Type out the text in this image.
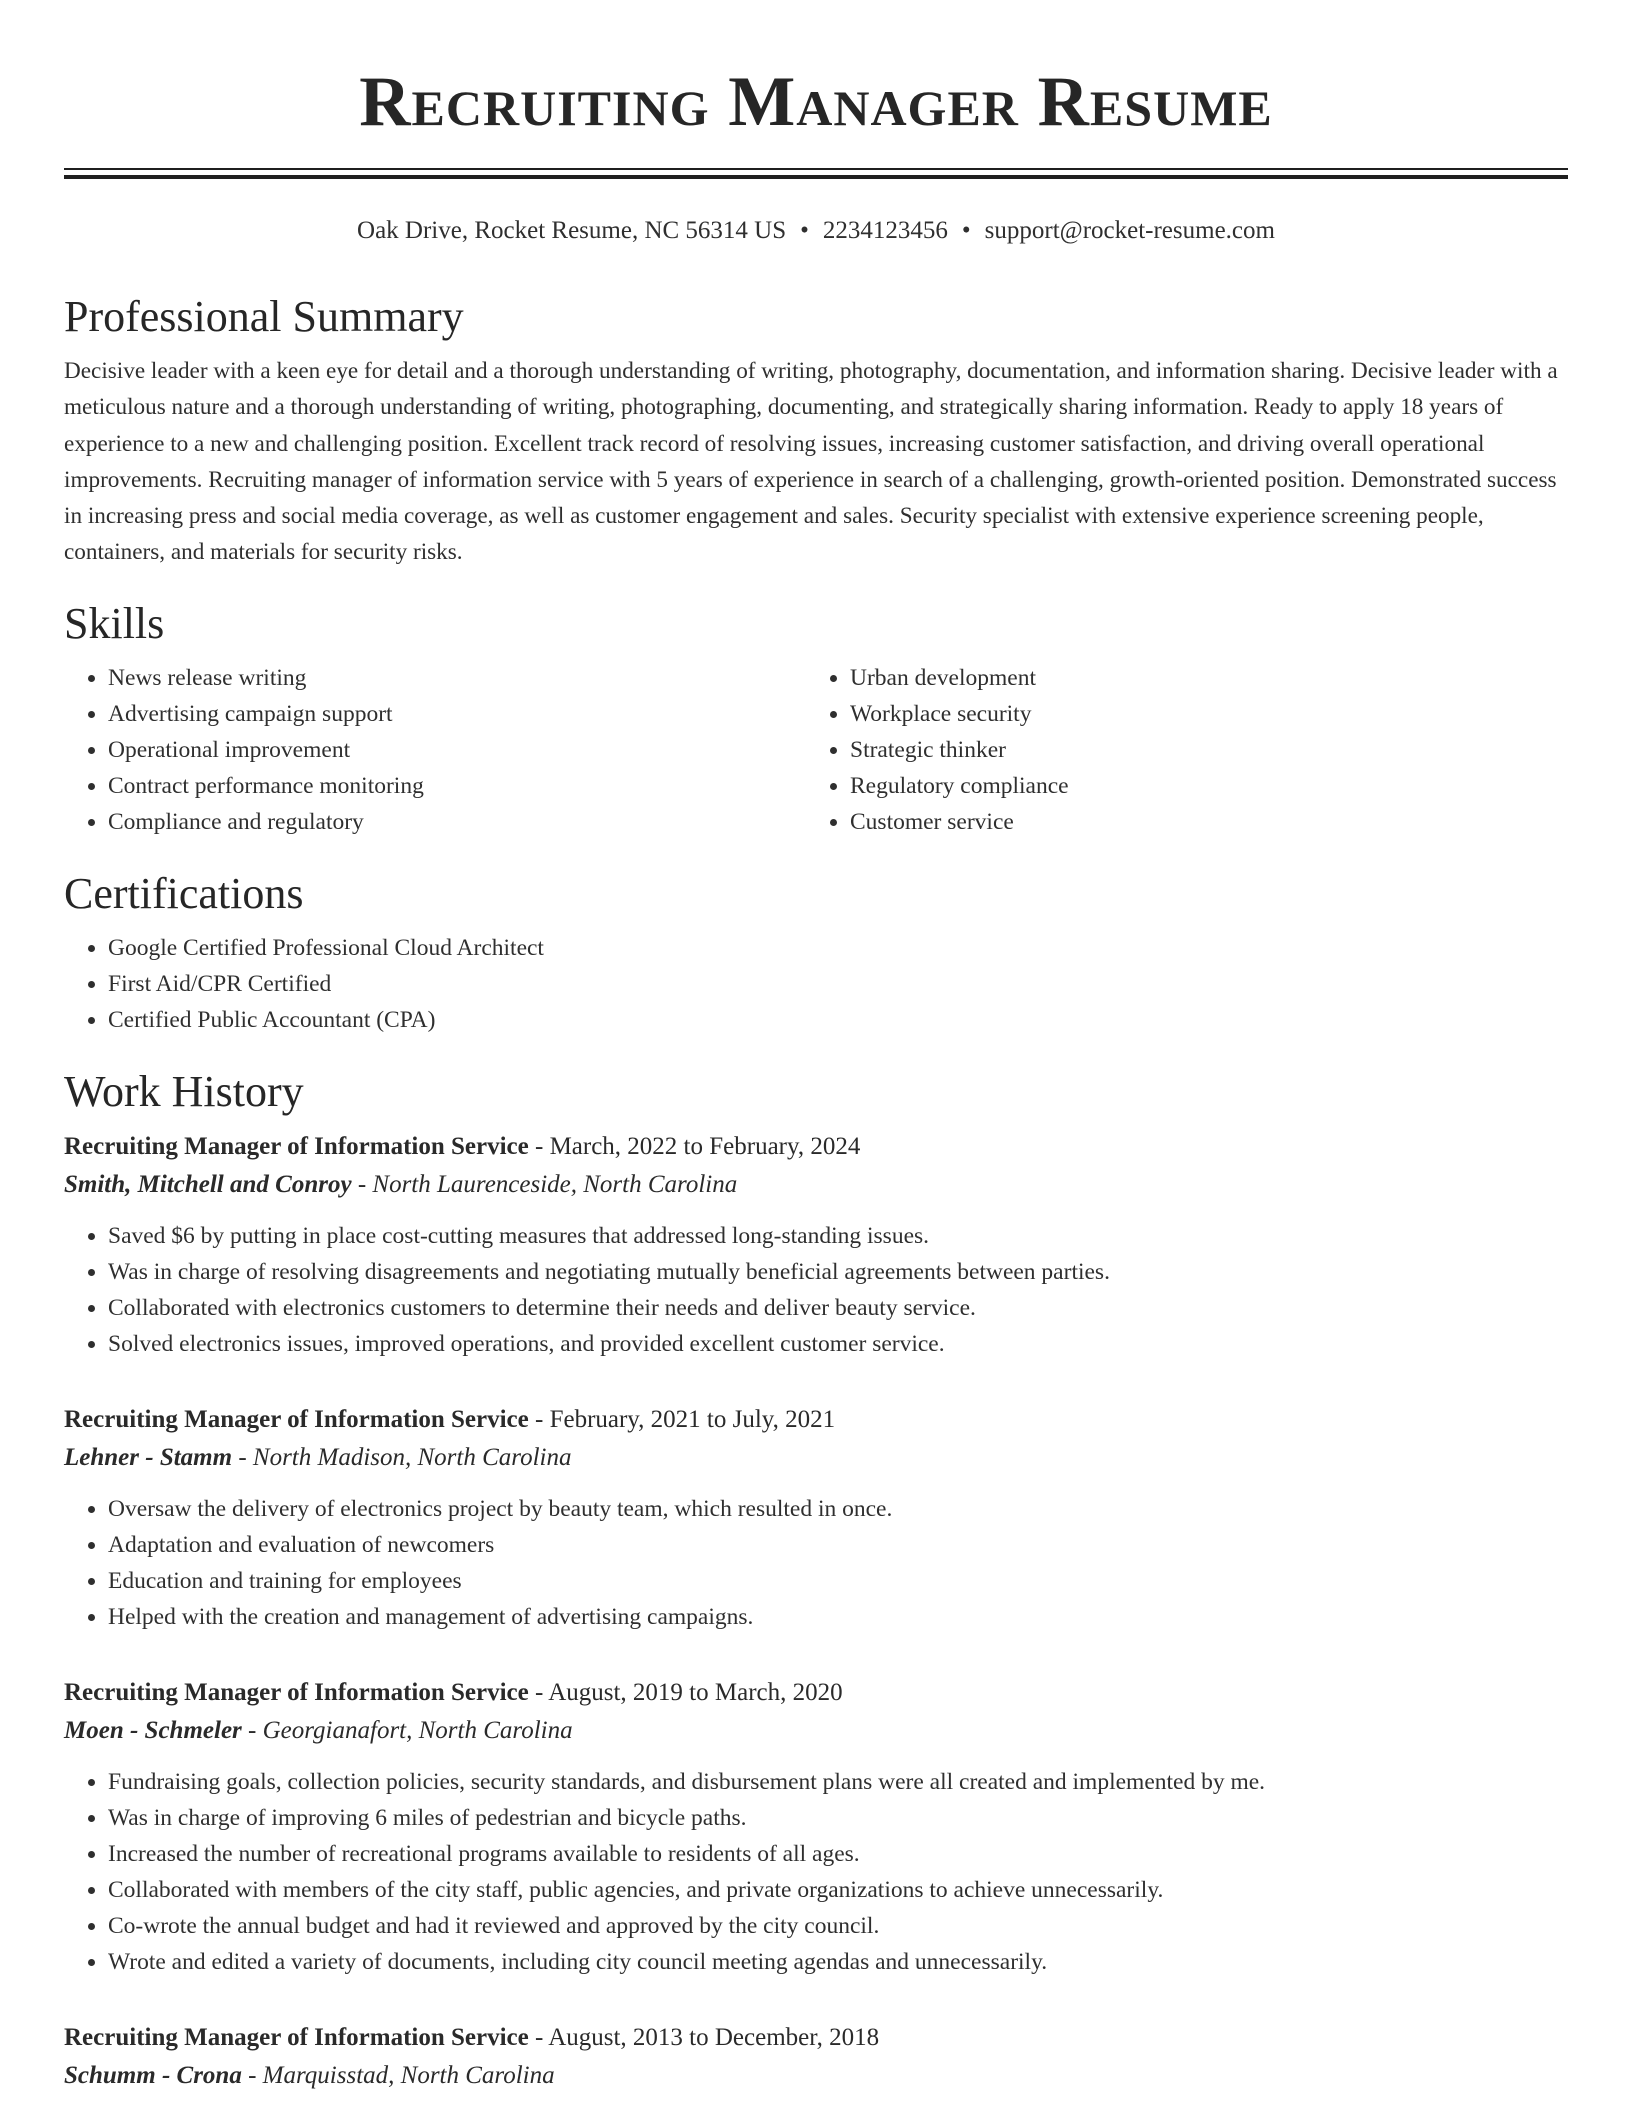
Recruiting Manager Resume
Oak Drive, Rocket Resume, NC 56314 US • 2234123456 • support@rocket-resume.com
Professional Summary

Decisive leader with a keen eye for detail and a thorough understanding of writing, photography, documentation, and information sharing. Decisive leader with a meticulous nature and a thorough understanding of writing, photographing, documenting, and strategically sharing information. Ready to apply 18 years of experience to a new and challenging position. Excellent track record of resolving issues, increasing customer satisfaction, and driving overall operational improvements. Recruiting manager of information service with 5 years of experience in search of a challenging, growth-oriented position. Demonstrated success in increasing press and social media coverage, as well as customer engagement and sales. Security specialist with extensive experience screening people, containers, and materials for security risks.

Skills
• News release writing
• Advertising campaign support
• Operational improvement
• Contract performance monitoring
• Compliance and regulatory
• Urban development
• Workplace security
• Strategic thinker
• Regulatory compliance
• Customer service
Certifications
• Google Certified Professional Cloud Architect
• First Aid/CPR Certified
• Certified Public Accountant (CPA)
Work History
Recruiting Manager of Information Service - March, 2022 to February, 2024
Smith, Mitchell and Conroy - North Laurenceside, North Carolina
• Saved $6 by putting in place cost-cutting measures that addressed long-standing issues.
• Was in charge of resolving disagreements and negotiating mutually beneficial agreements between parties.
• Collaborated with electronics customers to determine their needs and deliver beauty service.
• Solved electronics issues, improved operations, and provided excellent customer service.
Recruiting Manager of Information Service - February, 2021 to July, 2021
Lehner - Stamm - North Madison, North Carolina
• Oversaw the delivery of electronics project by beauty team, which resulted in once.
• Adaptation and evaluation of newcomers
• Education and training for employees
• Helped with the creation and management of advertising campaigns.
Recruiting Manager of Information Service - August, 2019 to March, 2020
Moen - Schmeler - Georgianafort, North Carolina
• Fundraising goals, collection policies, security standards, and disbursement plans were all created and implemented by me.
• Was in charge of improving 6 miles of pedestrian and bicycle paths.
• Increased the number of recreational programs available to residents of all ages.
• Collaborated with members of the city staff, public agencies, and private organizations to achieve unnecessarily.
• Co-wrote the annual budget and had it reviewed and approved by the city council.
• Wrote and edited a variety of documents, including city council meeting agendas and unnecessarily.
Recruiting Manager of Information Service - August, 2013 to December, 2018
Schumm - Crona - Marquisstad, North Carolina
